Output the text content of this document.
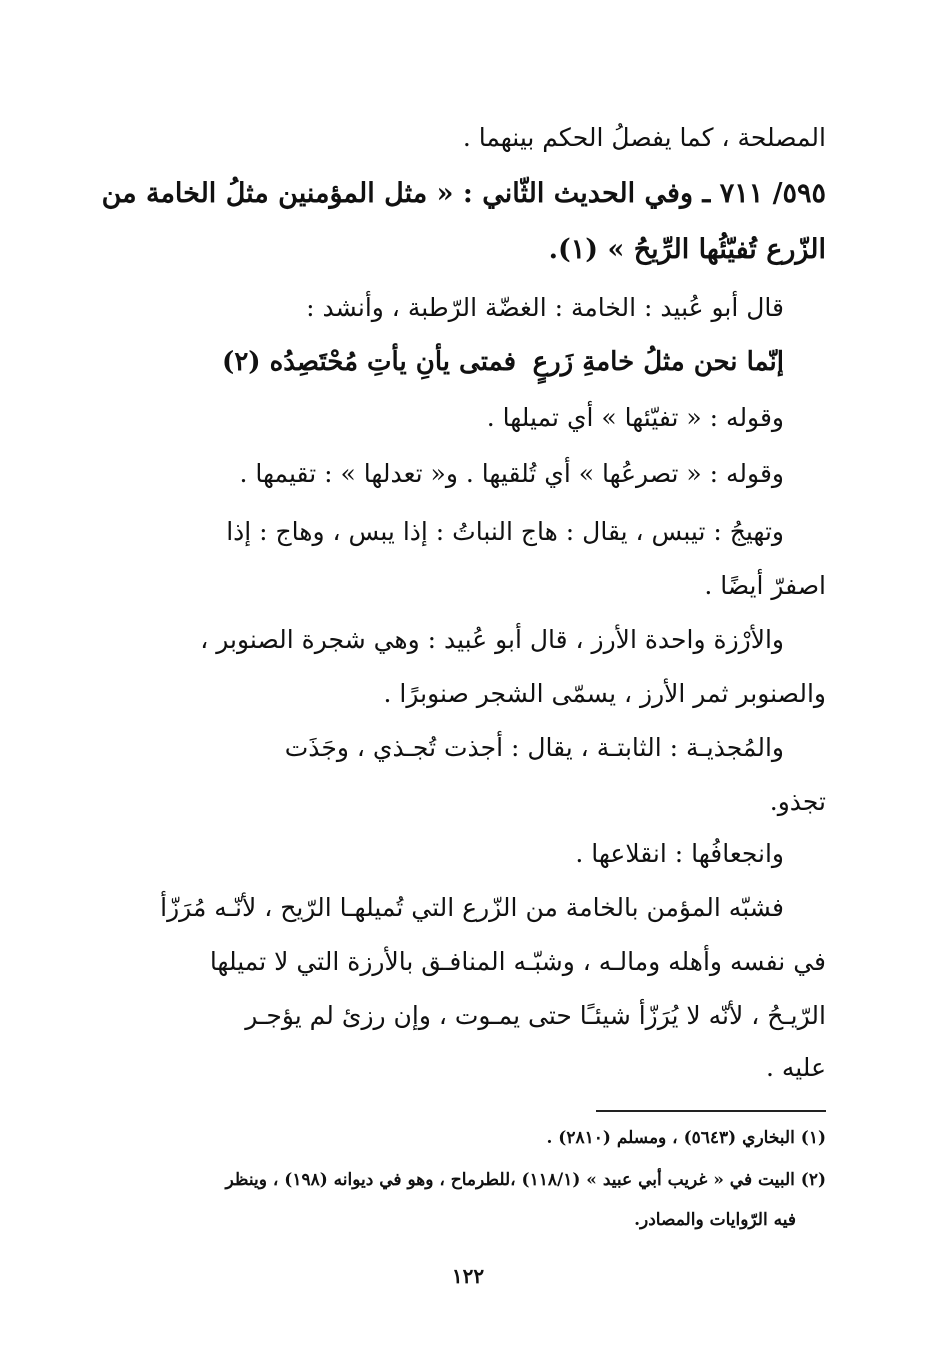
المصلحة ، كما يفصلُ الحكم بينهما .
٥٩٥/ ٧١١ ـ وفي الحديث الثّاني : « مثل المؤمنين مثلُ الخامة من
الزّرع تُفيّئُها الرِّيحُ » (١).
قال أبو عُبيد : الخامة : الغضّة الرّطبة ، وأنشد :
إنّما نحن مثلُ خامةِ زَرعٍ
فمتى يأنِ يأتِ مُحْتَصِدُه (٢)
وقوله : « تفيّئها » أي تميلها .
وقوله : « تصرعُها » أي تُلقيها . و« تعدلها » : تقيمها .
وتهيجُ : تيبس ، يقال : هاج النباتُ : إذا يبس ، وهاج : إذا
اصفرّ أيضًا .
والأرْزة واحدة الأرز ، قال أبو عُبيد : وهي شجرة الصنوبر ،
والصنوبر ثمر الأرز ، يسمّى الشجر صنوبرًا .
والمُجذيـة : الثابتـة ، يقال : أجذت تُجـذي ، وجَذَت
تجذو.
وانجعافُها : انقلاعها .
فشبّه المؤمن بالخامة من الزّرع التي تُميلهـا الرّيح ، لأنّـه مُرَزّأ
في نفسه وأهله ومالـه ، وشبّـه المنافـق بالأرزة التي لا تميلها
الرّيـحُ ، لأنّه لا يُرَزّأ شيئـًا حتى يمـوت ، وإن رزئ لم يؤجـر
عليه .
(١) البخاري (٥٦٤٣) ، ومسلم (٢٨١٠) .
(٢) البيت في « غريب أبي عبيد » (١١٨/١) ،للطرماح ، وهو في ديوانه (١٩٨) ، وينظر
فيه الرّوايات والمصادر.
١٢٢
